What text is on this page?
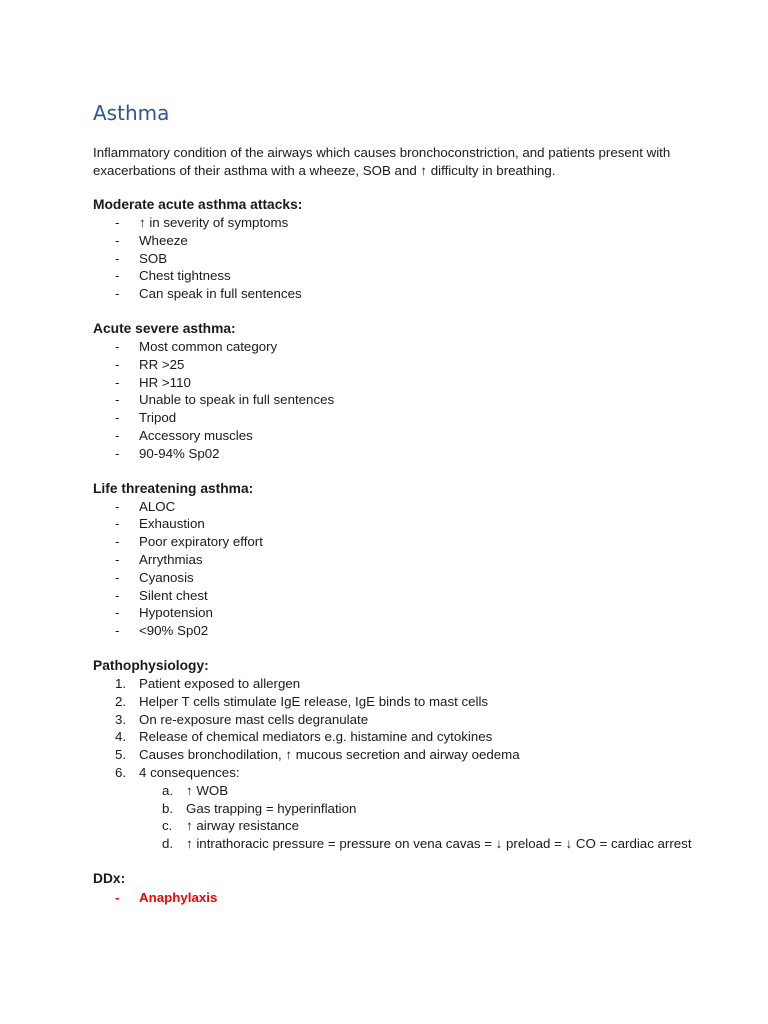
Asthma

Inflammatory condition of the airways which causes bronchoconstriction, and patients present with exacerbations of their asthma with a wheeze, SOB and ↑ difficulty in breathing.

Moderate acute asthma attacks:

-	↑ in severity of symptoms
-	Wheeze
-	SOB
-	Chest tightness
-	Can speak in full sentences

Acute severe asthma:

-	Most common category
-	RR >25
-	HR >110
-	Unable to speak in full sentences
-	Tripod
-	Accessory muscles
-	90-94% Sp02

Life threatening asthma:

-	ALOC
-	Exhaustion
-	Poor expiratory effort
-	Arrythmias
-	Cyanosis
-	Silent chest
-	Hypotension
-	<90% Sp02

Pathophysiology:

1. Patient exposed to allergen
2. Helper T cells stimulate IgE release, IgE binds to mast cells
3. On re-exposure mast cells degranulate
4. Release of chemical mediators e.g. histamine and cytokines
5. Causes bronchodilation, ↑ mucous secretion and airway oedema
6. 4 consequences:
a. ↑ WOB
b. Gas trapping = hyperinflation
c. ↑ airway resistance
d. ↑ intrathoracic pressure = pressure on vena cavas = ↓ preload = ↓ CO = cardiac arrest

DDx:

-	Anaphylaxis
